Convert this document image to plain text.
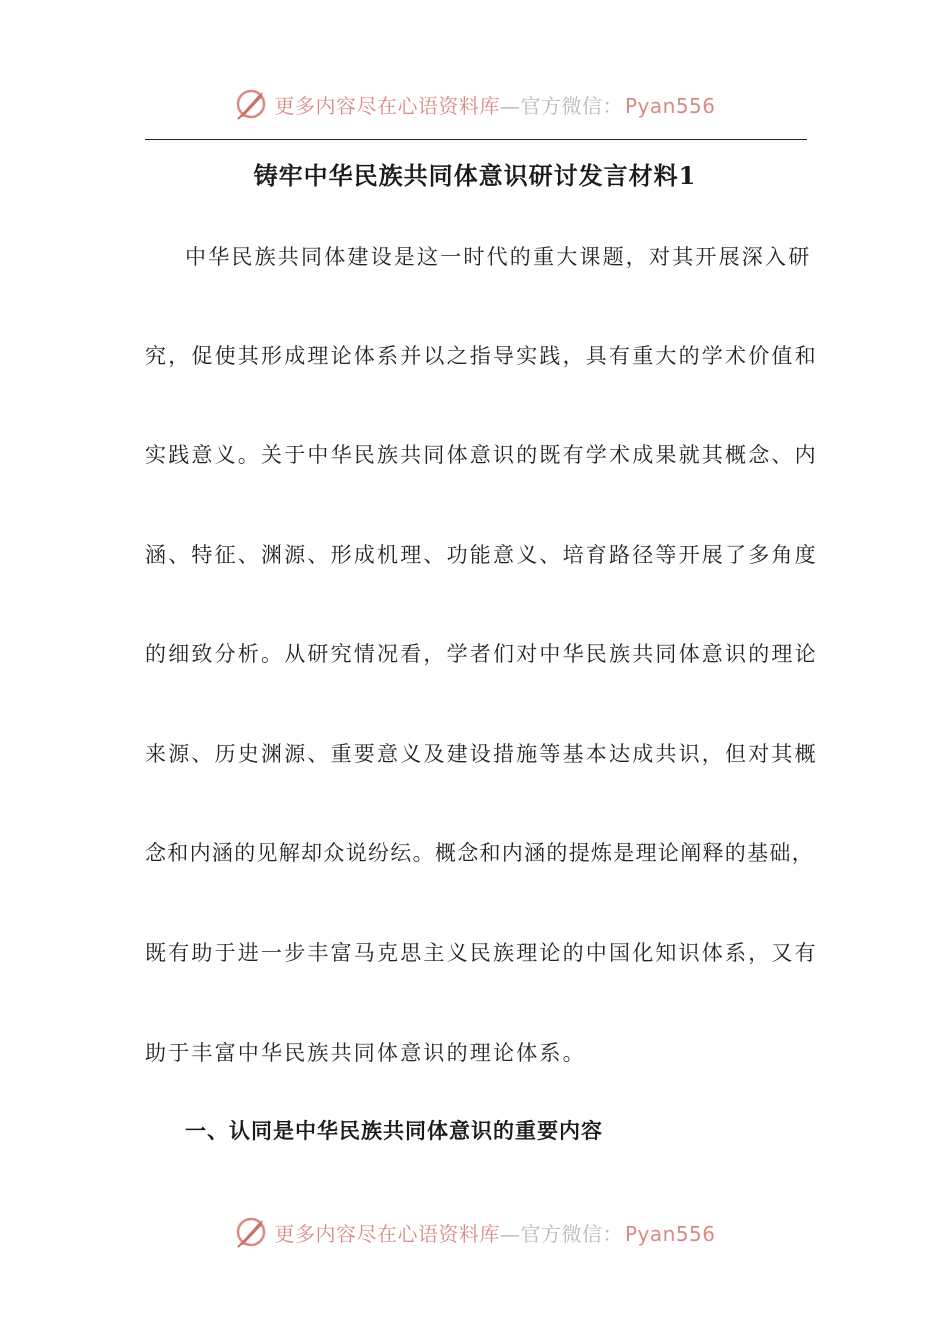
更多内容尽在心语资料库—官方微信： Pyan556
铸牢中华民族共同体意识研讨发言材料1
中华民族共同体建设是这一时代的重大课题，对其开展深入研
究，促使其形成理论体系并以之指导实践，具有重大的学术价值和
实践意义。关于中华民族共同体意识的既有学术成果就其概念、内
涵、特征、渊源、形成机理、功能意义、培育路径等开展了多角度
的细致分析。从研究情况看，学者们对中华民族共同体意识的理论
来源、历史渊源、重要意义及建设措施等基本达成共识，但对其概
念和内涵的见解却众说纷纭。概念和内涵的提炼是理论阐释的基础，
既有助于进一步丰富马克思主义民族理论的中国化知识体系，又有
助于丰富中华民族共同体意识的理论体系。
一、认同是中华民族共同体意识的重要内容
更多内容尽在心语资料库—官方微信： Pyan556
